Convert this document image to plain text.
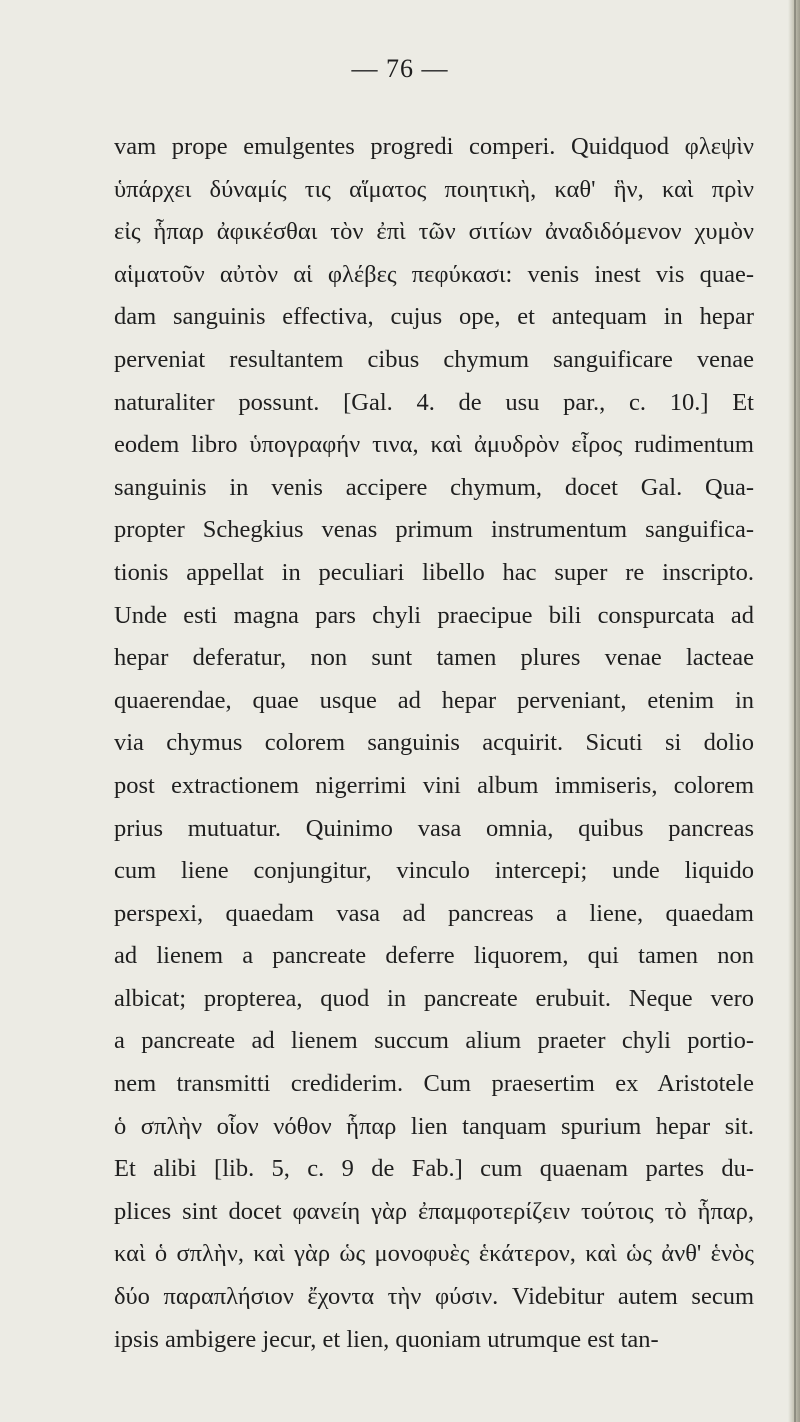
— 76 —
vam prope emulgentes progredi comperi. Quidquod φλεψὶν
ὑπάρχει δύναμίς τις αἵματος ποιητικὴ, καθ' ἣν, καὶ πρὶν
εἰς ἧπαρ ἀφικέσθαι τὸν ἐπὶ τῶν σιτίων ἀναδιδόμενον χυμὸν
αἱματοῦν αὐτὸν αἱ φλέβες πεφύκασι: venis inest vis quae-
dam sanguinis effectiva, cujus ope, et antequam in hepar
perveniat resultantem cibus chymum sanguificare venae
naturaliter possunt. [Gal. 4. de usu par., c. 10.] Et
eodem libro ὑπογραφήν τινα, καὶ ἀμυδρὸν εἶρος rudimentum
sanguinis in venis accipere chymum, docet Gal. Qua-
propter Schegkius venas primum instrumentum sanguifica-
tionis appellat in peculiari libello hac super re inscripto.
Unde esti magna pars chyli praecipue bili conspurcata ad
hepar deferatur, non sunt tamen plures venae lacteae
quaerendae, quae usque ad hepar perveniant, etenim in
via chymus colorem sanguinis acquirit. Sicuti si dolio
post extractionem nigerrimi vini album immiseris, colorem
prius mutuatur. Quinimo vasa omnia, quibus pancreas
cum liene conjungitur, vinculo intercepi; unde liquido
perspexi, quaedam vasa ad pancreas a liene, quaedam
ad lienem a pancreate deferre liquorem, qui tamen non
albicat; propterea, quod in pancreate erubuit. Neque vero
a pancreate ad lienem succum alium praeter chyli portio-
nem transmitti crediderim. Cum praesertim ex Aristotele
ὁ σπλὴν οἷον νόθον ἧπαρ lien tanquam spurium hepar sit.
Et alibi [lib. 5, c. 9 de Fab.] cum quaenam partes du-
plices sint docet φανείη γὰρ ἐπαμφοτερίζειν τούτοις τὸ ἧπαρ,
καὶ ὁ σπλὴν, καὶ γὰρ ὡς μονοφυὲς ἑκάτερον, καὶ ὡς ἀνθ' ἑνὸς
δύο παραπλήσιον ἔχοντα τὴν φύσιν. Videbitur autem secum
ipsis ambigere jecur, et lien, quoniam utrumque est tan-
